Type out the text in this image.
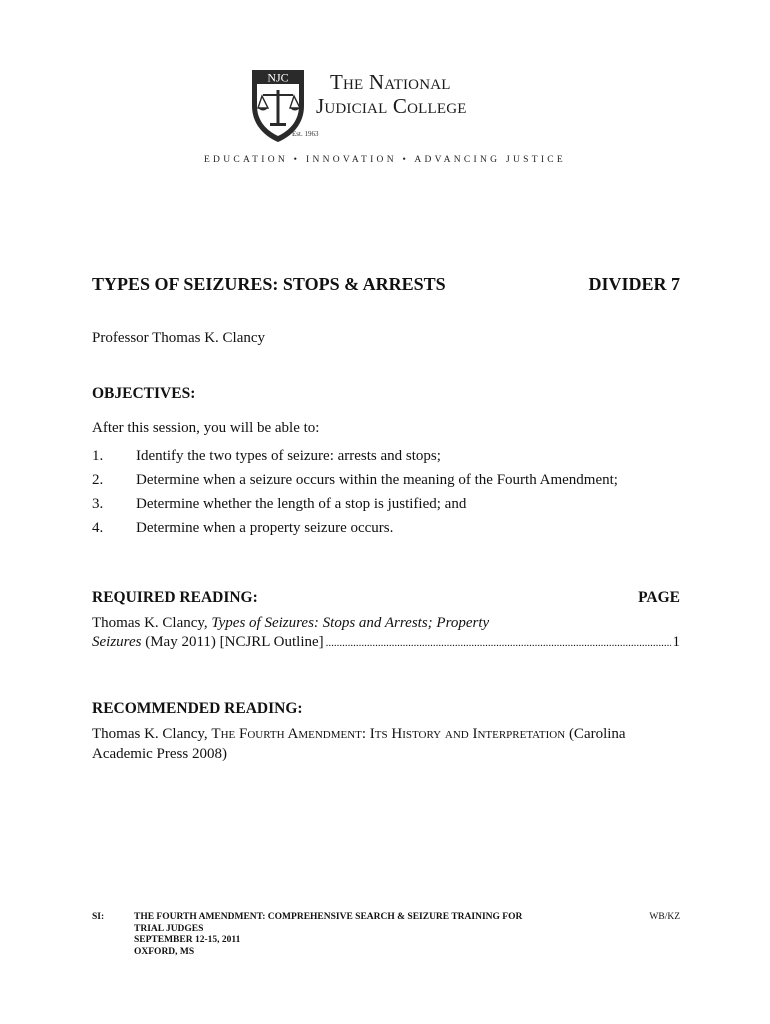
NJC
Est. 1963
The National
Judicial College
EDUCATION • INNOVATION • ADVANCING JUSTICE
TYPES OF SEIZURES: STOPS & ARRESTS	DIVIDER 7
Professor Thomas K. Clancy
OBJECTIVES:
After this session, you will be able to:
1.	Identify the two types of seizure: arrests and stops;
2.	Determine when a seizure occurs within the meaning of the Fourth Amendment;
3.	Determine whether the length of a stop is justified; and
4.	Determine when a property seizure occurs.
REQUIRED READING:	PAGE
Thomas K. Clancy, Types of Seizures: Stops and Arrests; Property
Seizures (May 2011) [NCJRL Outline]
.....	1
RECOMMENDED READING:
Thomas K. Clancy, The Fourth Amendment: Its History and Interpretation (Carolina Academic Press 2008)
SI:	THE FOURTH AMENDMENT: COMPREHENSIVE SEARCH & SEIZURE TRAINING FOR
TRIAL JUDGES
SEPTEMBER 12-15, 2011
OXFORD, MS
WB/KZ
